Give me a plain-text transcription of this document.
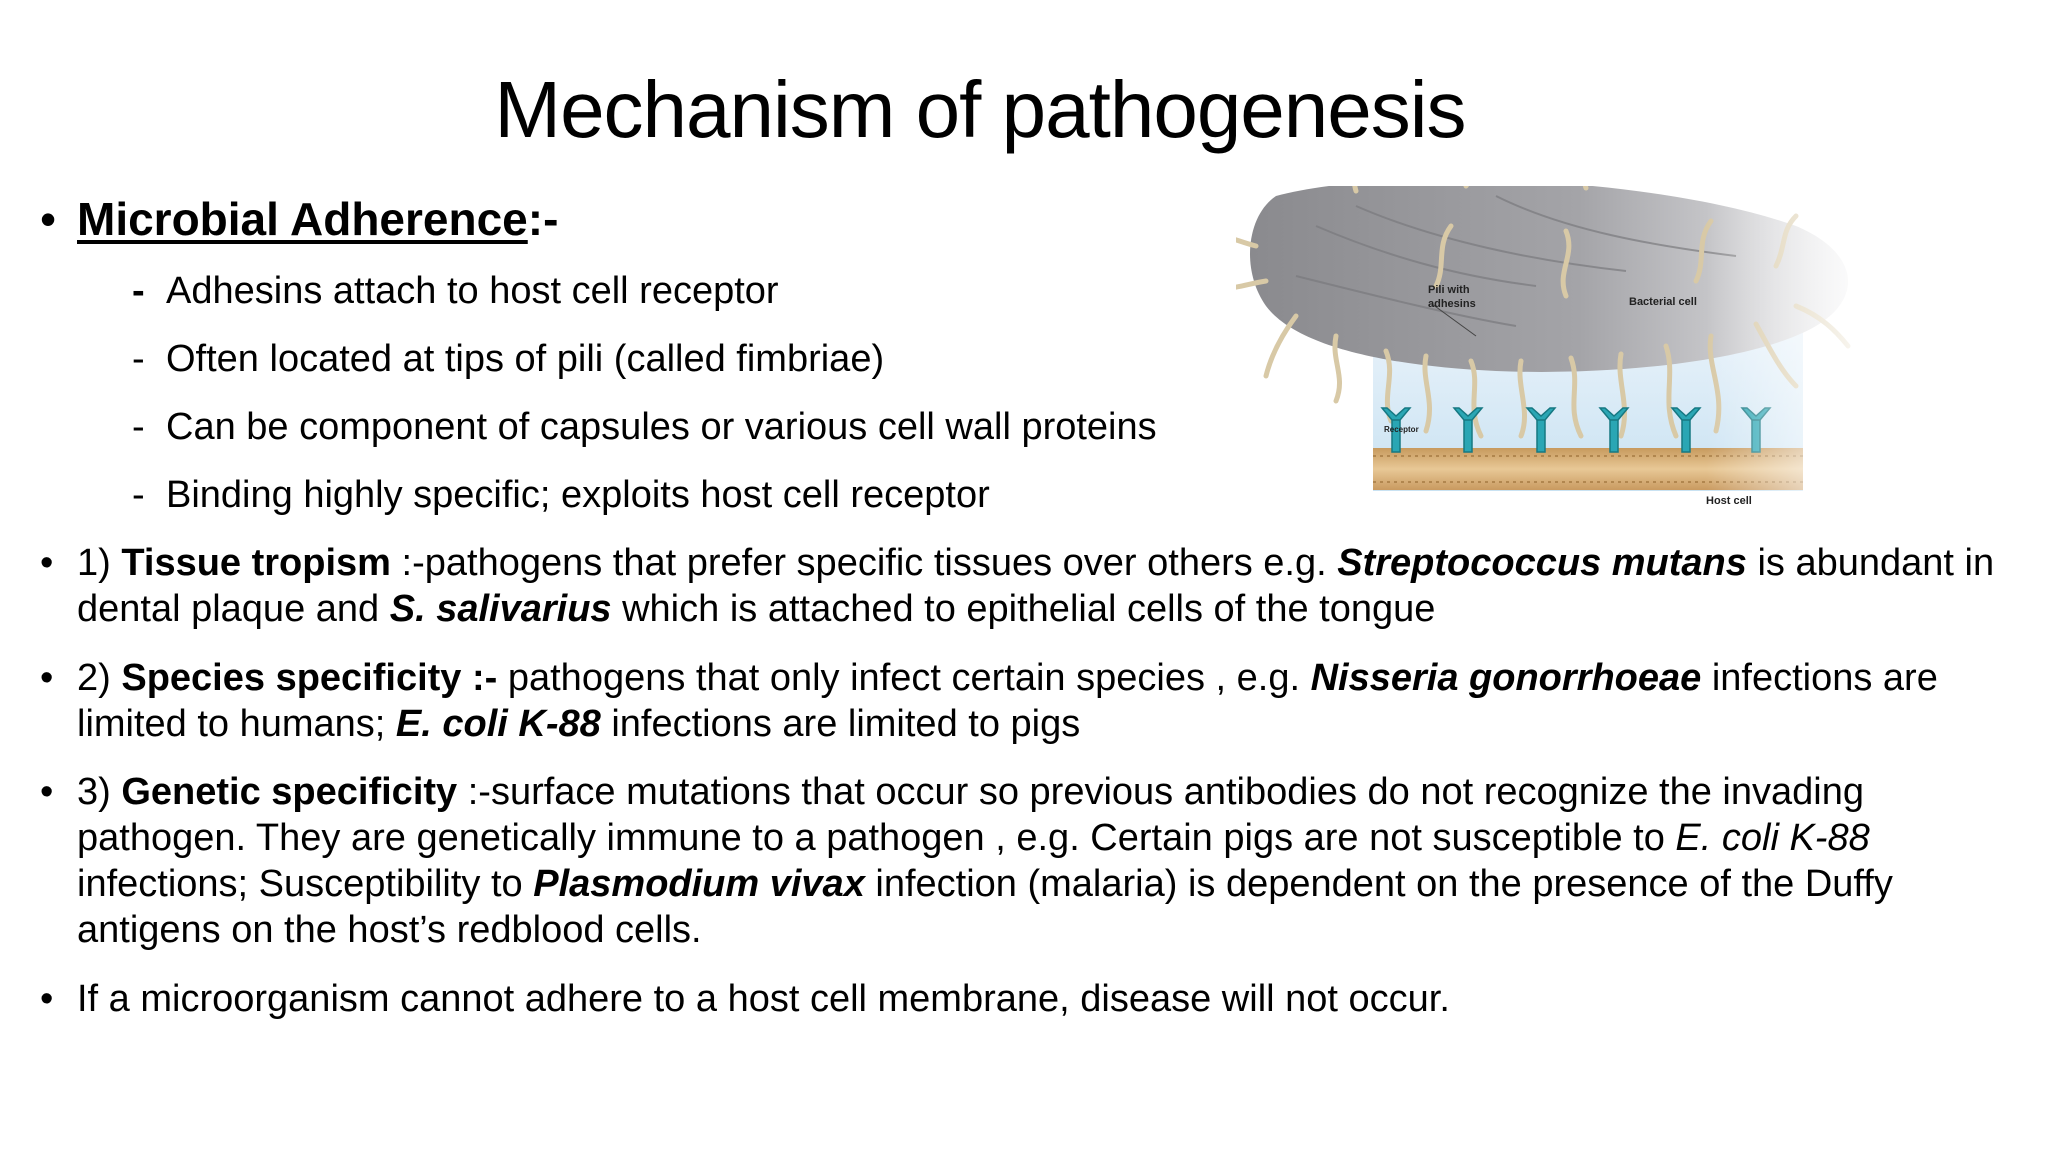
Mechanism of pathogenesis
• Microbial Adherence:-
- Adhesins attach to host cell receptor
- Often located at tips of pili (called fimbriae)
- Can be component of capsules or various cell wall proteins
- Binding highly specific; exploits host cell receptor
• 1) Tissue tropism :-pathogens that prefer specific tissues over others e.g. Streptococcus mutans is abundant in dental plaque and S. salivarius which is attached to epithelial cells of the tongue
• 2) Species specificity :- pathogens that only infect certain species , e.g. Nisseria gonorrhoeae infections are limited to humans; E. coli K-88 infections are limited to pigs
• 3) Genetic specificity :-surface mutations that occur so previous antibodies do not recognize the invading pathogen. They are genetically immune to a pathogen , e.g. Certain pigs are not susceptible to E. coli K-88 infections; Susceptibility to Plasmodium vivax infection (malaria) is dependent on the presence of the Duffy antigens on the host’s redblood cells.
• If a microorganism cannot adhere to a host cell membrane, disease will not occur.
Pili with
adhesins	Bacterial cell
Receptor
Host cell
